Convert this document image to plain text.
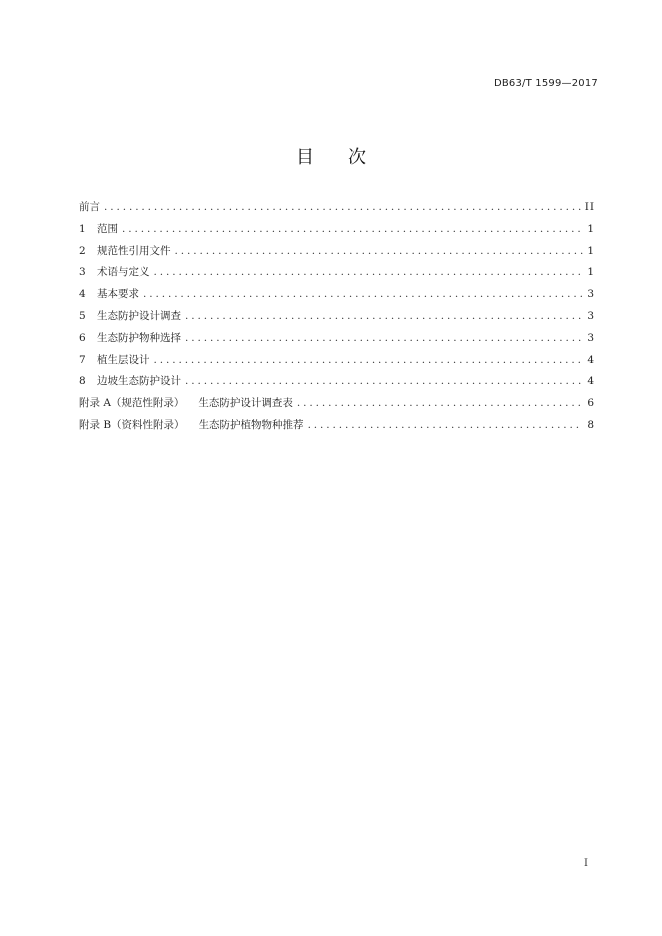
DB63/T 1599—2017
目 次
前言 .....	II
1 范围 .....	1
2 规范性引用文件 .....	1
3 术语与定义 .....	1
4 基本要求 .....	3
5 生态防护设计调查 .....	3
6 生态防护物种选择 .....	3
7 植生层设计 .....	4
8 边坡生态防护设计 .....	4
附录 A（规范性附录） 生态防护设计调查表 .....	6
附录 B（资料性附录） 生态防护植物物种推荐 .....	8
I
